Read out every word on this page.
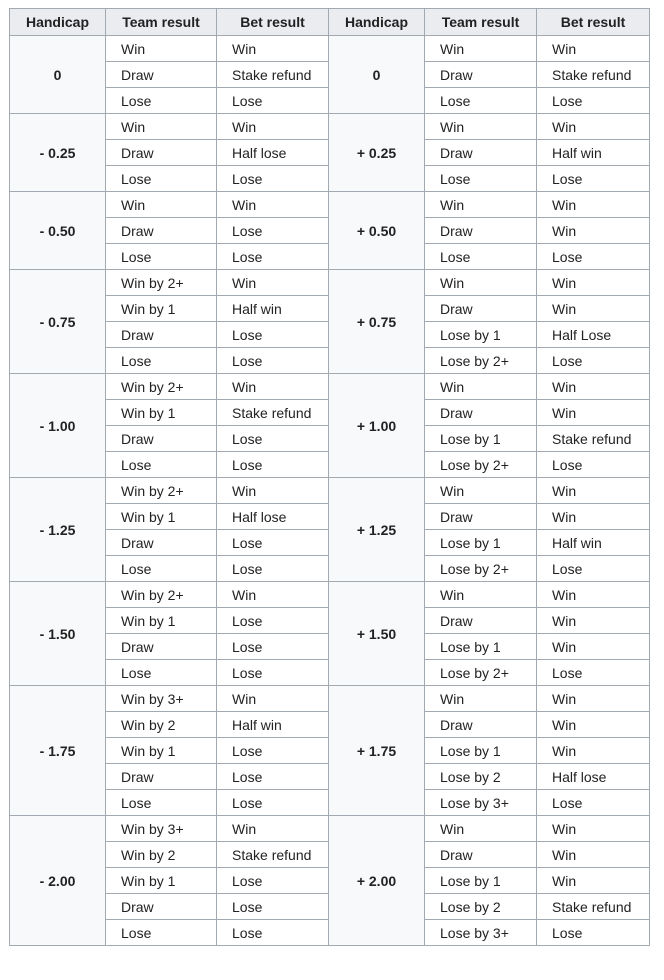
Handicap	Team result	Bet result	Handicap	Team result	Bet result
0	Win	Win	0	Win	Win
	Draw	Stake refund		Draw	Stake refund
	Lose	Lose		Lose	Lose
- 0.25	Win	Win	+ 0.25	Win	Win
	Draw	Half lose		Draw	Half win
	Lose	Lose		Lose	Lose
- 0.50	Win	Win	+ 0.50	Win	Win
	Draw	Lose		Draw	Win
	Lose	Lose		Lose	Lose
- 0.75	Win by 2+	Win	+ 0.75	Win	Win
	Win by 1	Half win		Draw	Win
	Draw	Lose		Lose by 1	Half Lose
	Lose	Lose		Lose by 2+	Lose
- 1.00	Win by 2+	Win	+ 1.00	Win	Win
	Win by 1	Stake refund		Draw	Win
	Draw	Lose		Lose by 1	Stake refund
	Lose	Lose		Lose by 2+	Lose
- 1.25	Win by 2+	Win	+ 1.25	Win	Win
	Win by 1	Half lose		Draw	Win
	Draw	Lose		Lose by 1	Half win
	Lose	Lose		Lose by 2+	Lose
- 1.50	Win by 2+	Win	+ 1.50	Win	Win
	Win by 1	Lose		Draw	Win
	Draw	Lose		Lose by 1	Win
	Lose	Lose		Lose by 2+	Lose
- 1.75	Win by 3+	Win	+ 1.75	Win	Win
	Win by 2	Half win		Draw	Win
	Win by 1	Lose		Lose by 1	Win
	Draw	Lose		Lose by 2	Half lose
	Lose	Lose		Lose by 3+	Lose
- 2.00	Win by 3+	Win	+ 2.00	Win	Win
	Win by 2	Stake refund		Draw	Win
	Win by 1	Lose		Lose by 1	Win
	Draw	Lose		Lose by 2	Stake refund
	Lose	Lose		Lose by 3+	Lose
